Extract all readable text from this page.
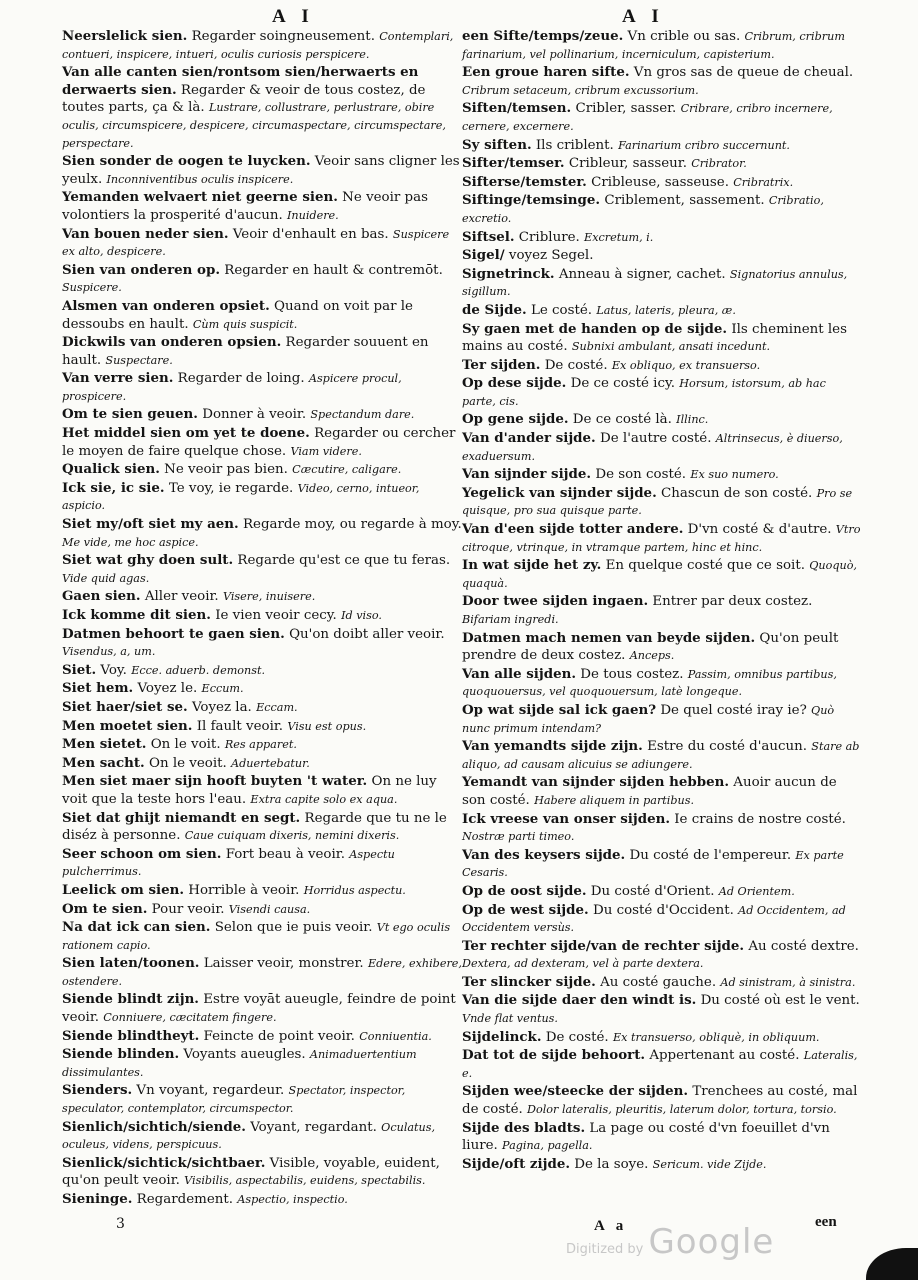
A I	A I
Neerslelick sien. Regarder soingneusement. Contemplari, contueri, inspicere, intueri, oculis curiosis perspicere.
Van alle canten sien/rontsom sien/herwaerts en derwaerts sien. Regarder & veoir de tous costez, de toutes parts, ça & là. Lustrare, collustrare, perlustrare, obire oculis, circumspicere, despicere, circumaspectare, circumspectare, perspectare.
Sien sonder de oogen te luycken. Veoir sans cligner les yeulx. Inconniventibus oculis inspicere.
Yemanden welvaert niet geerne sien. Ne veoir pas volontiers la prosperité d'aucun. Inuidere.
Van bouen neder sien. Veoir d'enhault en bas. Suspicere ex alto, despicere.
Sien van onderen op. Regarder en hault & contremōt. Suspicere.
Alsmen van onderen opsiet. Quand on voit par le dessoubs en hault. Cùm quis suspicit.
Dickwils van onderen opsien. Regarder souuent en hault. Suspectare.
Van verre sien. Regarder de loing. Aspicere procul, prospicere.
Om te sien geuen. Donner à veoir. Spectandum dare.
Het middel sien om yet te doene. Regarder ou cercher le moyen de faire quelque chose. Viam videre.
Qualick sien. Ne veoir pas bien. Cæcutire, caligare.
Ick sie, ic sie. Te voy, ie regarde. Video, cerno, intueor, aspicio.
Siet my/oft siet my aen. Regarde moy, ou regarde à moy. Me vide, me hoc aspice.
Siet wat ghy doen sult. Regarde qu'est ce que tu feras. Vide quid agas.
Gaen sien. Aller veoir. Visere, inuisere.
Ick komme dit sien. Ie vien veoir cecy. Id viso.
Datmen behoort te gaen sien. Qu'on doibt aller veoir. Visendus, a, um.
Siet. Voy. Ecce. aduerb. demonst.
Siet hem. Voyez le. Eccum.
Siet haer/siet se. Voyez la. Eccam.
Men moetet sien. Il fault veoir. Visu est opus.
Men sietet. On le voit. Res apparet.
Men sacht. On le veoit. Aduertebatur.
Men siet maer sijn hooft buyten 't water. On ne luy voit que la teste hors l'eau. Extra capite solo ex aqua.
Siet dat ghijt niemandt en segt. Regarde que tu ne le diséz à personne. Caue cuiquam dixeris, nemini dixeris.
Seer schoon om sien. Fort beau à veoir. Aspectu pulcherrimus.
Leelick om sien. Horrible à veoir. Horridus aspectu.
Om te sien. Pour veoir. Visendi causa.
Na dat ick can sien. Selon que ie puis veoir. Vt ego oculis rationem capio.
Sien laten/toonen. Laisser veoir, monstrer. Edere, exhibere, ostendere.
Siende blindt zijn. Estre voyāt aueugle, feindre de point veoir. Conniuere, cæcitatem fingere.
Siende blindtheyt. Feincte de point veoir. Conniuentia.
Siende blinden. Voyants aueugles. Animaduertentium dissimulantes.
Sienders. Vn voyant, regardeur. Spectator, inspector, speculator, contemplator, circumspector.
Sienlich/sichtich/siende. Voyant, regardant. Oculatus, oculeus, videns, perspicuus.
Sienlick/sichtick/sichtbaer. Visible, voyable, euident, qu'on peult veoir. Visibilis, aspectabilis, euidens, spectabilis.
Sieninge. Regardement. Aspectio, inspectio.
een Sifte/temps/zeue. Vn crible ou sas. Cribrum, cribrum farinarium, vel pollinarium, incerniculum, capisterium.
Een groue haren sifte. Vn gros sas de queue de cheual. Cribrum setaceum, cribrum excussorium.
Siften/temsen. Cribler, sasser. Cribrare, cribro incernere, cernere, excernere.
Sy siften. Ils criblent. Farinarium cribro succernunt.
Sifter/temser. Cribleur, sasseur. Cribrator.
Sifterse/temster. Cribleuse, sasseuse. Cribratrix.
Siftinge/temsinge. Criblement, sassement. Cribratio, excretio.
Siftsel. Criblure. Excretum, i.
Sigel/ voyez Segel.
Signetrinck. Anneau à signer, cachet. Signatorius annulus, sigillum.
de Sijde. Le costé. Latus, lateris, pleura, æ.
Sy gaen met de handen op de sijde. Ils cheminent les mains au costé. Subnixi ambulant, ansati incedunt.
Ter sijden. De costé. Ex obliquo, ex transuerso.
Op dese sijde. De ce costé icy. Horsum, istorsum, ab hac parte, cis.
Op gene sijde. De ce costé là. Illinc.
Van d'ander sijde. De l'autre costé. Altrinsecus, è diuerso, exaduersum.
Van sijnder sijde. De son costé. Ex suo numero.
Yegelick van sijnder sijde. Chascun de son costé. Pro se quisque, pro sua quisque parte.
Van d'een sijde totter andere. D'vn costé & d'autre. Vtro citroque, vtrinque, in vtramque partem, hinc et hinc.
In wat sijde het zy. En quelque costé que ce soit. Quoquò, quaquà.
Door twee sijden ingaen. Entrer par deux costez. Bifariam ingredi.
Datmen mach nemen van beyde sijden. Qu'on peult prendre de deux costez. Anceps.
Van alle sijden. De tous costez. Passim, omnibus partibus, quoquouersus, vel quoquouersum, latè longeque.
Op wat sijde sal ick gaen? De quel costé iray ie? Quò nunc primum intendam?
Van yemandts sijde zijn. Estre du costé d'aucun. Stare ab aliquo, ad causam alicuius se adiungere.
Yemandt van sijnder sijden hebben. Auoir aucun de son costé. Habere aliquem in partibus.
Ick vreese van onser sijden. Ie crains de nostre costé. Nostræ parti timeo.
Van des keysers sijde. Du costé de l'empereur. Ex parte Cesaris.
Op de oost sijde. Du costé d'Orient. Ad Orientem.
Op de west sijde. Du costé d'Occident. Ad Occidentem, ad Occidentem versùs.
Ter rechter sijde/van de rechter sijde. Au costé dextre. Dextera, ad dexteram, vel à parte dextera.
Ter slincker sijde. Au costé gauche. Ad sinistram, à sinistra.
Van die sijde daer den windt is. Du costé où est le vent. Vnde flat ventus.
Sijdelinck. De costé. Ex transuerso, obliquè, in obliquum.
Dat tot de sijde behoort. Appertenant au costé. Lateralis, e.
Sijden wee/steecke der sijden. Trenchees au costé, mal de costé. Dolor lateralis, pleuritis, laterum dolor, tortura, torsio.
Sijde des bladts. La page ou costé d'vn foeuillet d'vn liure. Pagina, pagella.
Sijde/oft zijde. De la soye. Sericum. vide Zijde.
3	A a	een
Digitized by Google
